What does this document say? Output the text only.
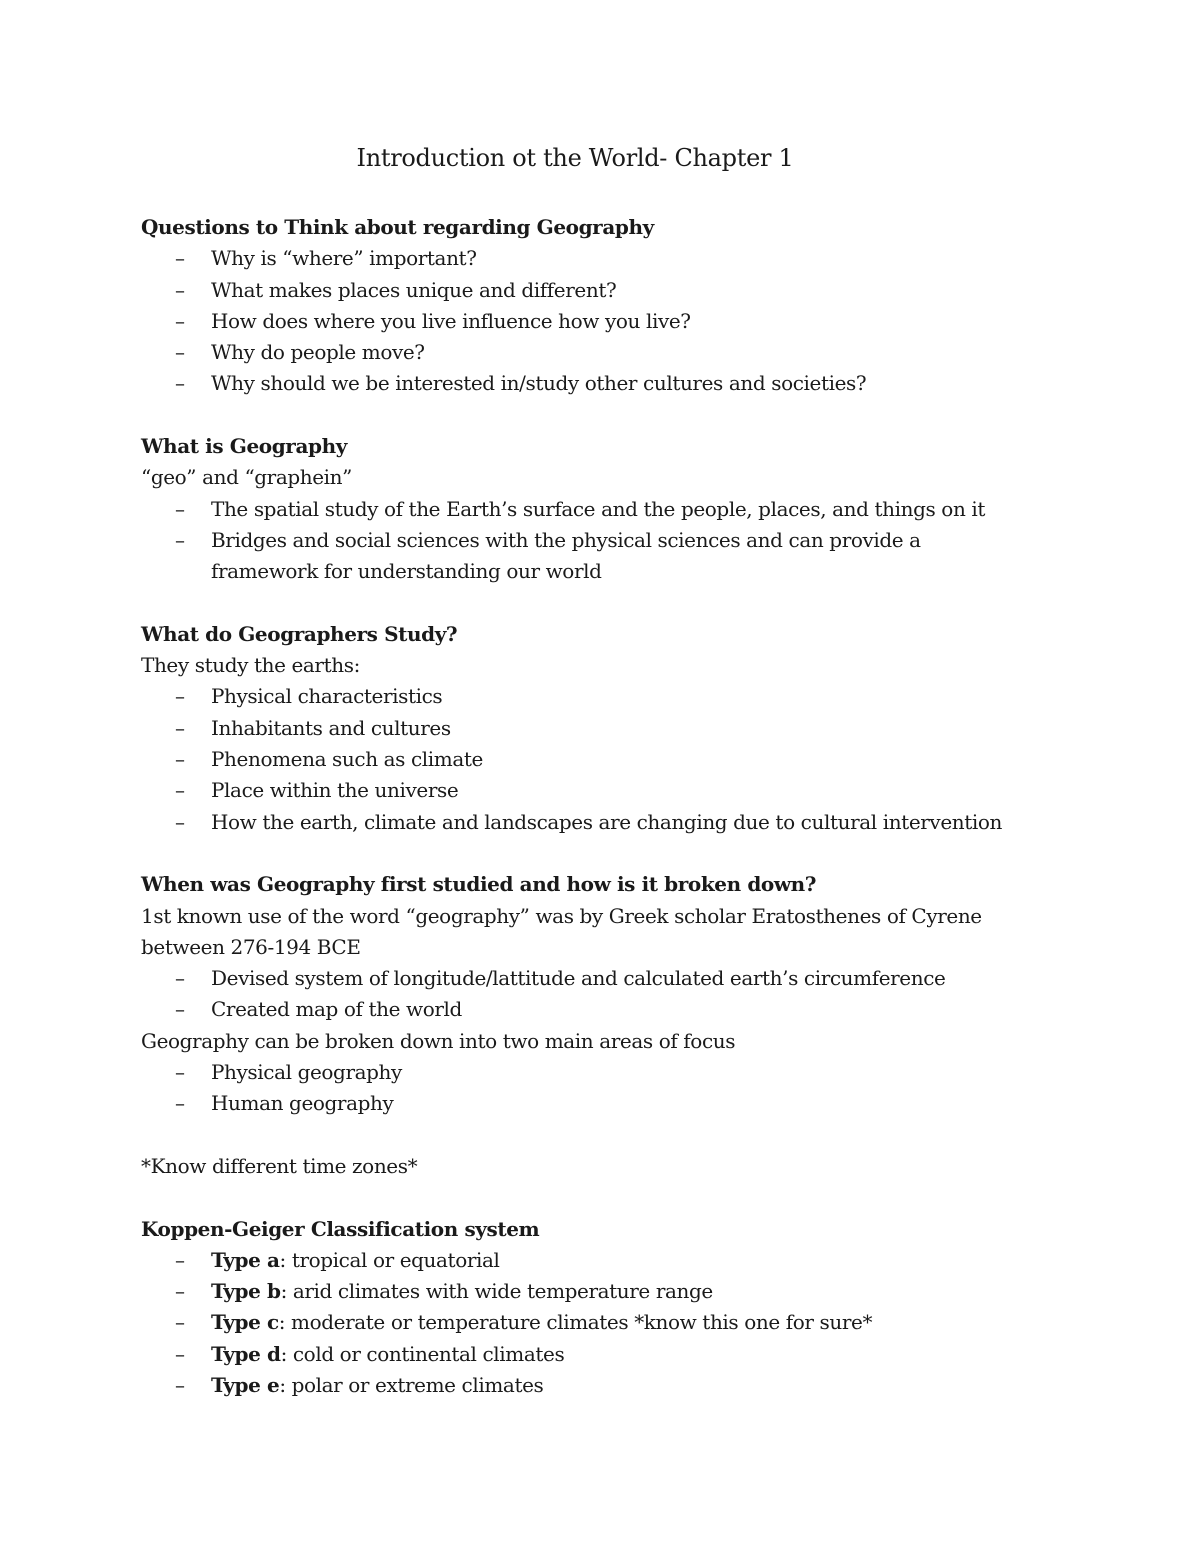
Introduction ot the World- Chapter 1
Questions to Think about regarding Geography
– Why is “where” important?
– What makes places unique and different?
– How does where you live influence how you live?
– Why do people move?
– Why should we be interested in/study other cultures and societies?
What is Geography
“geo” and “graphein”
– The spatial study of the Earth’s surface and the people, places, and things on it
– Bridges and social sciences with the physical sciences and can provide a framework for understanding our world
What do Geographers Study?
They study the earths:
– Physical characteristics
– Inhabitants and cultures
– Phenomena such as climate
– Place within the universe
– How the earth, climate and landscapes are changing due to cultural intervention
When was Geography first studied and how is it broken down?
1st known use of the word “geography” was by Greek scholar Eratosthenes of Cyrene
between 276-194 BCE
– Devised system of longitude/lattitude and calculated earth’s circumference
– Created map of the world
Geography can be broken down into two main areas of focus
– Physical geography
– Human geography
*Know different time zones*
Koppen-Geiger Classification system
– Type a: tropical or equatorial
– Type b: arid climates with wide temperature range
– Type c: moderate or temperature climates *know this one for sure*
– Type d: cold or continental climates
– Type e: polar or extreme climates
